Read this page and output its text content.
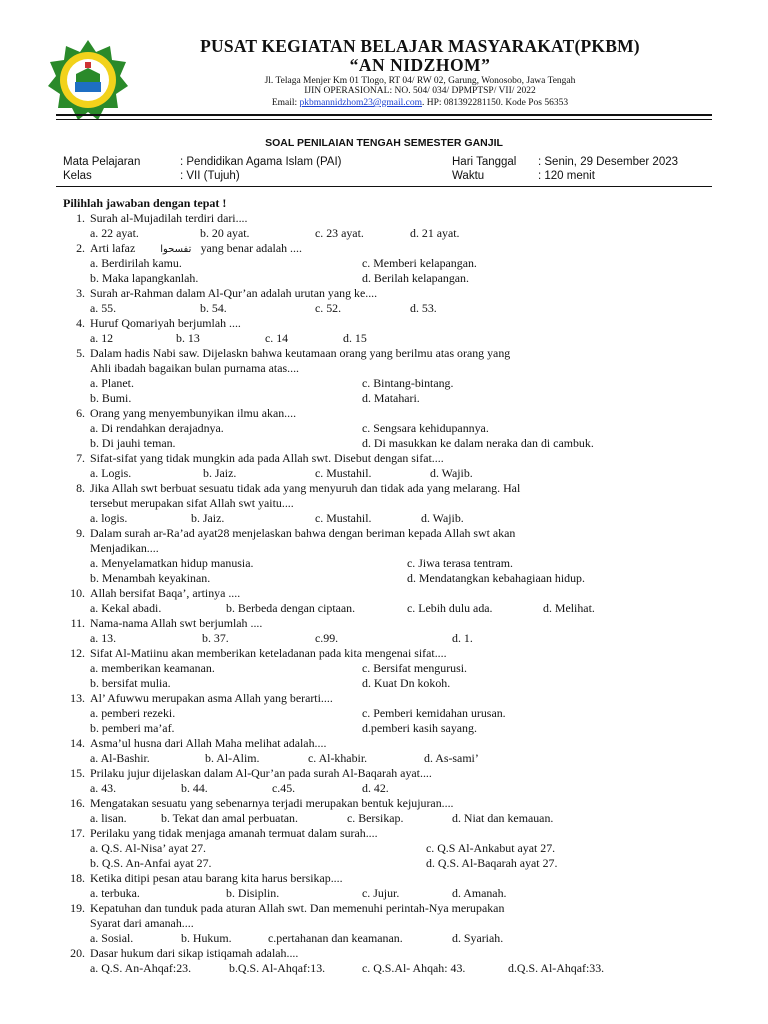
PUSAT KEGIATAN BELAJAR MASYARAKAT(PKBM)
“AN NIDZHOM”
Jl. Telaga Menjer Km 01 Tlogo, RT 04/ RW 02, Garung, Wonosobo, Jawa Tengah
IJIN OPERASIONAL: NO. 504/ 034/ DPMPTSP/ VII/ 2022
Email: pkbmannidzhom23@gmail.com. HP: 081392281150. Kode Pos 56353
SOAL PENILAIAN TENGAH SEMESTER GANJIL
Mata Pelajaran	: Pendidikan Agama Islam (PAI)
Kelas	: VII (Tujuh)
Hari Tanggal : Senin, 29 Desember 2023
Waktu	: 120 menit
Pilihlah jawaban dengan tepat !
1. Surah al-Mujadilah terdiri dari....
a. 22 ayat.	b. 20 ayat.	c. 23 ayat.	d. 21 ayat.
2. Arti lafaz تفسحوا yang benar adalah ....
a. Berdirilah kamu.	c. Memberi kelapangan.
b. Maka lapangkanlah.	d. Berilah kelapangan.
3. Surah ar-Rahman dalam Al-Qur’an adalah urutan yang ke....
a. 55.	b. 54.	c. 52.	d. 53.
4. Huruf Qomariyah berjumlah ....
a. 12	b. 13	c. 14	d. 15
5. Dalam hadis Nabi saw. Dijelaskn bahwa keutamaan orang yang berilmu atas orang yang
Ahli ibadah bagaikan bulan purnama atas....
a. Planet.	c. Bintang-bintang.
b. Bumi.	d. Matahari.
6. Orang yang menyembunyikan ilmu akan....
a. Di rendahkan derajadnya.	c. Sengsara kehidupannya.
b. Di jauhi teman.	d. Di masukkan ke dalam neraka dan di cambuk.
7. Sifat-sifat yang tidak mungkin ada pada Allah swt. Disebut dengan sifat....
a. Logis.	b. Jaiz.	c. Mustahil.	d. Wajib.
8. Jika Allah swt berbuat sesuatu tidak ada yang menyuruh dan tidak ada yang melarang. Hal
tersebut merupakan sifat Allah swt yaitu....
a. logis.	b. Jaiz.	c. Mustahil.	d. Wajib.
9. Dalam surah ar-Ra’ad ayat28 menjelaskan bahwa dengan beriman kepada Allah swt akan
Menjadikan....
a. Menyelamatkan hidup manusia.	c. Jiwa terasa tentram.
b. Menambah keyakinan.	d. Mendatangkan kebahagiaan hidup.
10. Allah bersifat Baqa’, artinya ....
a. Kekal abadi.	b. Berbeda dengan ciptaan.	c. Lebih dulu ada.	d. Melihat.
11. Nama-nama Allah swt berjumlah ....
a. 13.	b. 37.	c.99.	d. 1.
12. Sifat Al-Matiinu akan memberikan keteladanan pada kita mengenai sifat....
a. memberikan keamanan.	c. Bersifat mengurusi.
b. bersifat mulia.	d. Kuat Dn kokoh.
13. Al’ Afuwwu merupakan asma Allah yang berarti....
a. pemberi rezeki.	c. Pemberi kemidahan urusan.
b. pemberi ma’af.	d.pemberi kasih sayang.
14. Asma’ul husna dari Allah Maha melihat adalah....
a. Al-Bashir.	b. Al-Alim.	c. Al-khabir.	d. As-sami’
15. Prilaku jujur dijelaskan dalam Al-Qur’an pada surah Al-Baqarah ayat....
a. 43.	b. 44.	c.45.	d. 42.
16. Mengatakan sesuatu yang sebenarnya terjadi merupakan bentuk kejujuran....
a. lisan.	b. Tekat dan amal perbuatan.	c. Bersikap.	d. Niat dan kemauan.
17. Perilaku yang tidak menjaga amanah termuat dalam surah....
a. Q.S. Al-Nisa’ ayat 27.	c. Q.S Al-Ankabut ayat 27.
b. Q.S. An-Anfai ayat 27.	d. Q.S. Al-Baqarah ayat 27.
18. Ketika ditipi pesan atau barang kita harus bersikap....
a. terbuka.	b. Disiplin.	c. Jujur.	d. Amanah.
19. Kepatuhan dan tunduk pada aturan Allah swt. Dan memenuhi perintah-Nya merupakan
Syarat dari amanah....
a. Sosial.	b. Hukum.	c.pertahanan dan keamanan.	d. Syariah.
20. Dasar hukum dari sikap istiqamah adalah....
a. Q.S. An-Ahqaf:23.	b.Q.S. Al-Ahqaf:13.	c. Q.S.Al- Ahqah: 43.	d.Q.S. Al-Ahqaf:33.
